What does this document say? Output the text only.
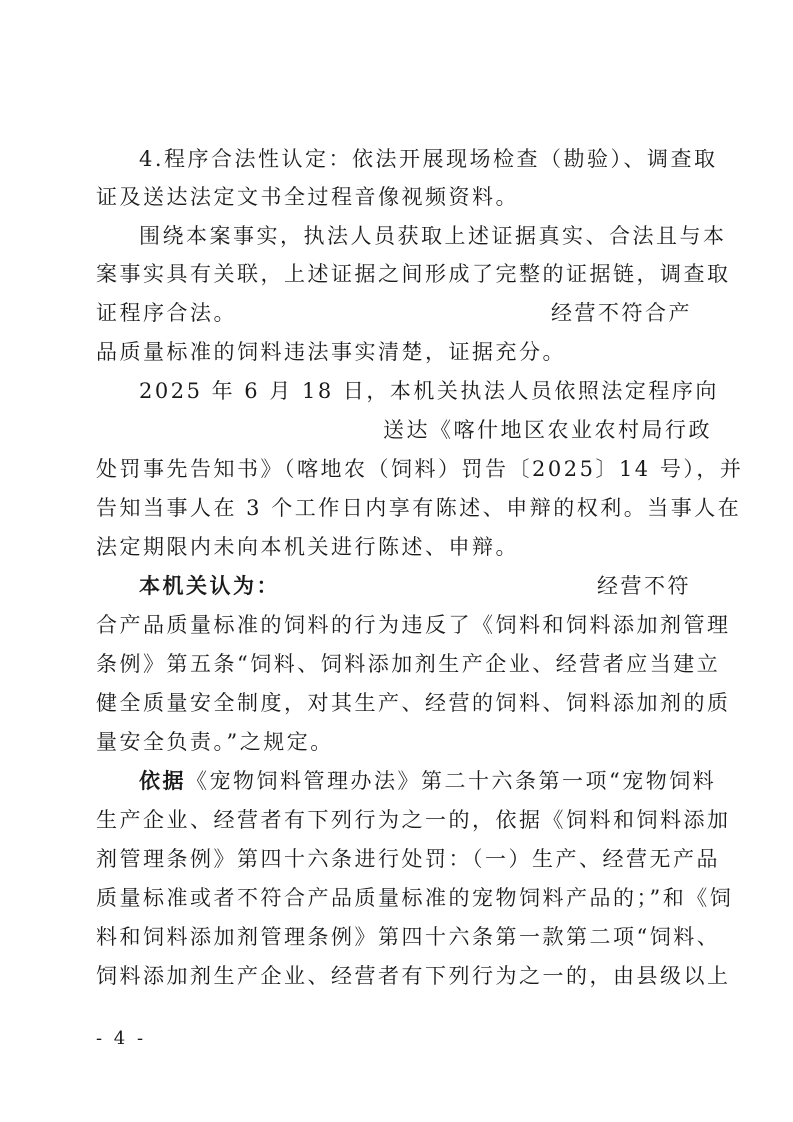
4.程序合法性认定：依法开展现场检查（勘验）、调查取
证及送达法定文书全过程音像视频资料。
围绕本案事实，执法人员获取上述证据真实、合法且与本
案事实具有关联，上述证据之间形成了完整的证据链，调查取
证程序合法。	经营不符合产
品质量标准的饲料违法事实清楚，证据充分。
2025 年 6 月 18 日，本机关执法人员依照法定程序向
送达《喀什地区农业农村局行政
处罚事先告知书》（喀地农（饲料）罚告〔2025〕14 号），并
告知当事人在 3 个工作日内享有陈述、申辩的权利。当事人在
法定期限内未向本机关进行陈述、申辩。
本机关认为：	经营不符
合产品质量标准的饲料的行为违反了《饲料和饲料添加剂管理
条例》第五条“饲料、饲料添加剂生产企业、经营者应当建立
健全质量安全制度，对其生产、经营的饲料、饲料添加剂的质
量安全负责。”之规定。
依据 《宠物饲料管理办法》第二十六条第一项“宠物饲料
生产企业、经营者有下列行为之一的，依据《饲料和饲料添加
剂管理条例》第四十六条进行处罚：（一）生产、经营无产品
质量标准或者不符合产品质量标准的宠物饲料产品的；”和《饲
料和饲料添加剂管理条例》第四十六条第一款第二项“饲料、
饲料添加剂生产企业、经营者有下列行为之一的，由县级以上
- 4 -
